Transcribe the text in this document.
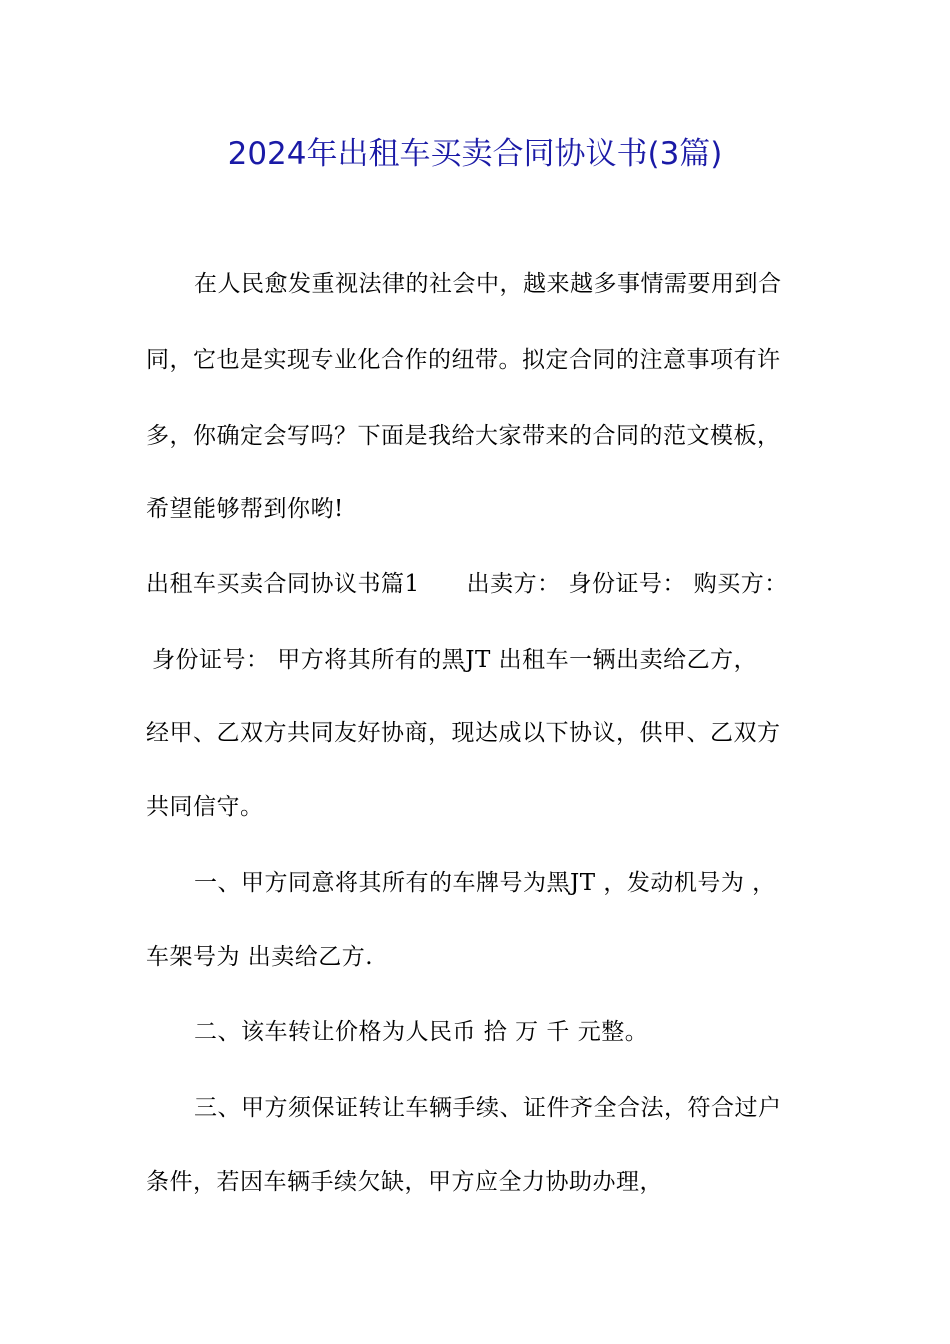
2024年出租车买卖合同协议书(3篇)
在人民愈发重视法律的社会中，越来越多事情需要用到合
同，它也是实现专业化合作的纽带。拟定合同的注意事项有许
多，你确定会写吗？下面是我给大家带来的合同的范文模板，
希望能够帮到你哟!
出租车买卖合同协议书篇1　　出卖方： 身份证号： 购买方：
身份证号： 甲方将其所有的黑JT 出租车一辆出卖给乙方，
经甲、乙双方共同友好协商，现达成以下协议，供甲、乙双方
共同信守。
一、甲方同意将其所有的车牌号为黑JT ，发动机号为 ，
车架号为 出卖给乙方.
二、该车转让价格为人民币 拾 万 千 元整。
三、甲方须保证转让车辆手续、证件齐全合法，符合过户
条件，若因车辆手续欠缺，甲方应全力协助办理，
